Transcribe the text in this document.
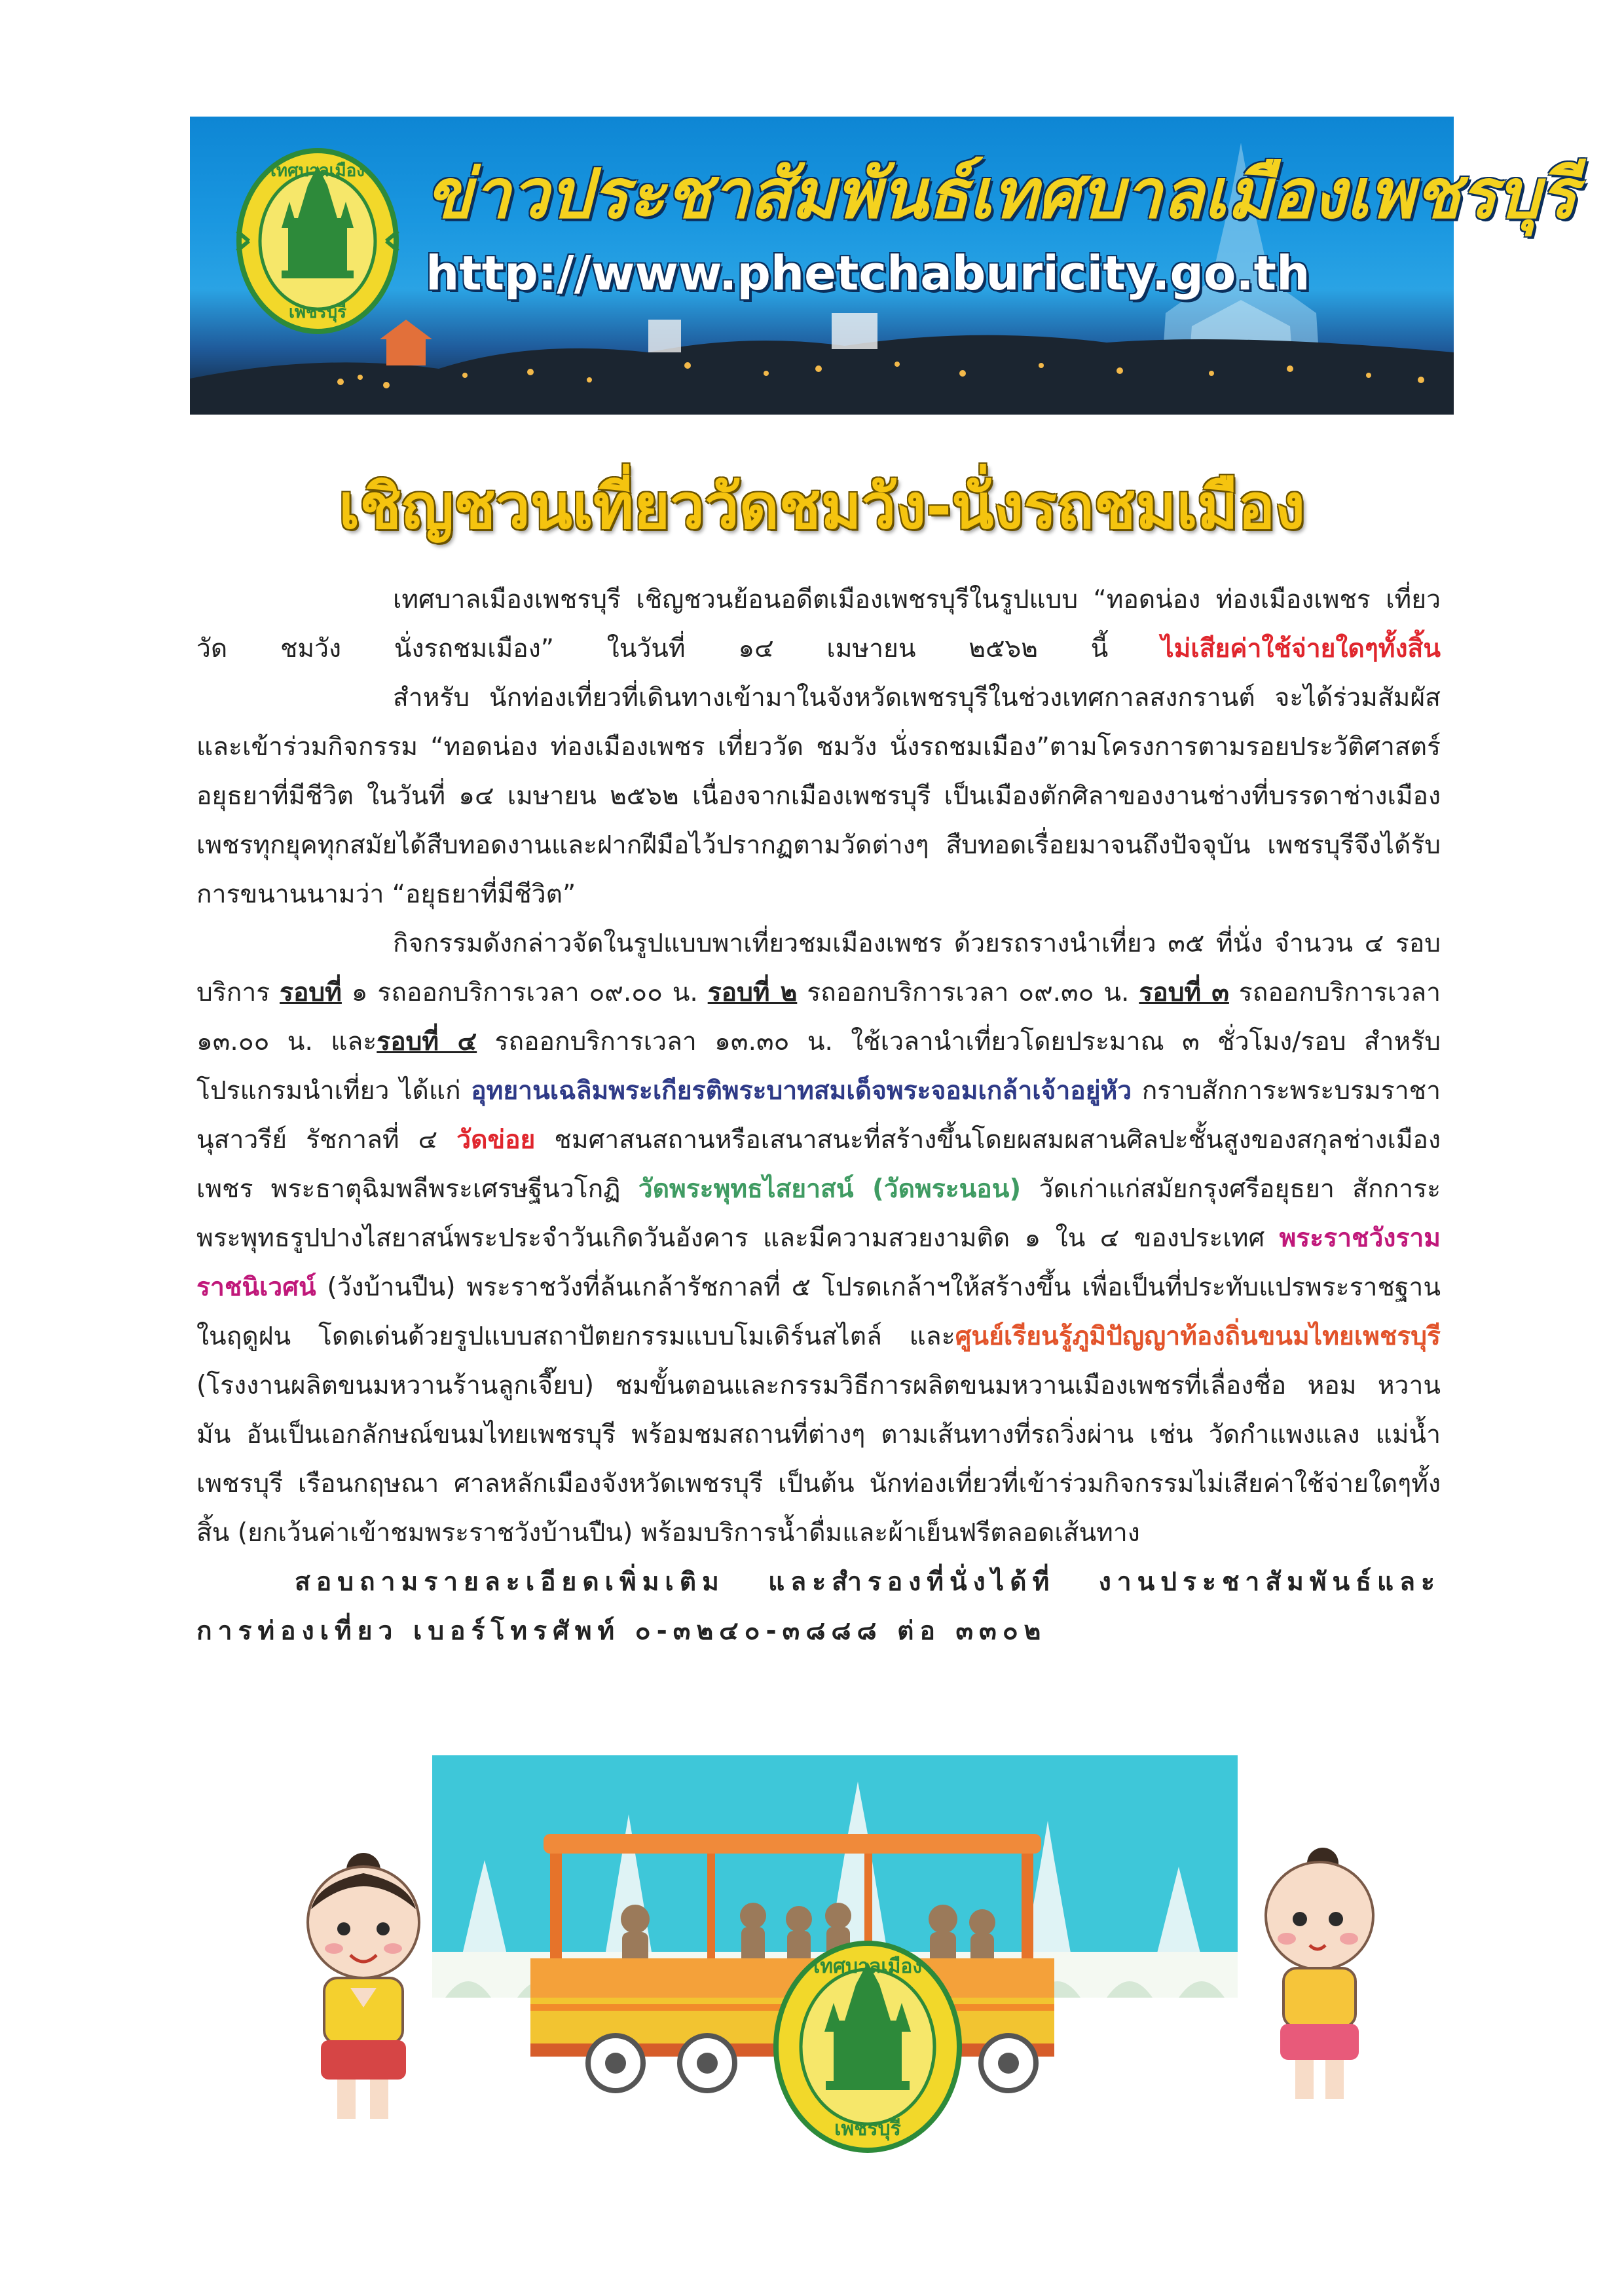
เทศบาลเมือง
เพชรบุรี
ข่าวประชาสัมพันธ์เทศบาลเมืองเพชรบุรี
http://www.phetchaburicity.go.th
เชิญชวนเที่ยววัดชมวัง-นั่งรถชมเมือง

เทศบาลเมืองเพชรบุรี เชิญชวนย้อนอดีตเมืองเพชรบุรีในรูปแบบ “ทอดน่อง ท่องเมืองเพชร เที่ยววัด ชมวัง นั่งรถชมเมือง” ในวันที่ ๑๔ เมษายน ๒๕๖๒ นี้ ไม่เสียค่าใช้จ่ายใดๆทั้งสิ้น

สำหรับ นักท่องเที่ยวที่เดินทางเข้ามาในจังหวัดเพชรบุรีในช่วงเทศกาลสงกรานต์ จะได้ร่วมสัมผัสและเข้าร่วมกิจกรรม “ทอดน่อง ท่องเมืองเพชร เที่ยววัด ชมวัง นั่งรถชมเมือง”ตามโครงการตามรอยประวัติศาสตร์อยุธยาที่มีชีวิต ในวันที่ ๑๔ เมษายน ๒๕๖๒ เนื่องจากเมืองเพชรบุรี เป็นเมืองตักศิลาของงานช่างที่บรรดาช่างเมืองเพชรทุกยุคทุกสมัยได้สืบทอดงานและฝากฝีมือไว้ปรากฏตามวัดต่างๆ สืบทอดเรื่อยมาจนถึงปัจจุบัน เพชรบุรีจึงได้รับการขนานนามว่า “อยุธยาที่มีชีวิต”

กิจกรรมดังกล่าวจัดในรูปแบบพาเที่ยวชมเมืองเพชร ด้วยรถรางนำเที่ยว ๓๕ ที่นั่ง จำนวน ๔ รอบบริการ รอบที่ ๑ รถออกบริการเวลา ๐๙.๐๐ น. รอบที่ ๒ รถออกบริการเวลา ๐๙.๓๐ น. รอบที่ ๓ รถออกบริการเวลา ๑๓.๐๐ น. และรอบที่ ๔ รถออกบริการเวลา ๑๓.๓๐ น. ใช้เวลานำเที่ยวโดยประมาณ ๓ ชั่วโมง/รอบ สำหรับโปรแกรมนำเที่ยว ได้แก่ อุทยานเฉลิมพระเกียรติพระบาทสมเด็จพระจอมเกล้าเจ้าอยู่หัว กราบสักการะพระบรมราชานุสาวรีย์ รัชกาลที่ ๔ วัดข่อย ชมศาสนสถานหรือเสนาสนะที่สร้างขึ้นโดยผสมผสานศิลปะชั้นสูงของสกุลช่างเมืองเพชร พระธาตุฉิมพลีพระเศรษฐีนวโกฏิ วัดพระพุทธไสยาสน์ (วัดพระนอน) วัดเก่าแก่สมัยกรุงศรีอยุธยา สักการะพระพุทธรูปปางไสยาสน์พระประจำวันเกิดวันอังคาร และมีความสวยงามติด ๑ ใน ๔ ของประเทศ พระราชวังรามราชนิเวศน์ (วังบ้านปืน) พระราชวังที่ล้นเกล้ารัชกาลที่ ๕ โปรดเกล้าฯให้สร้างขึ้น เพื่อเป็นที่ประทับแปรพระราชฐานในฤดูฝน โดดเด่นด้วยรูปแบบสถาปัตยกรรมแบบโมเดิร์นสไตล์ และศูนย์เรียนรู้ภูมิปัญญาท้องถิ่นขนมไทยเพชรบุรี (โรงงานผลิตขนมหวานร้านลูกเจี๊ยบ) ชมขั้นตอนและกรรมวิธีการผลิตขนมหวานเมืองเพชรที่เลื่องชื่อ หอม หวาน มัน อันเป็นเอกลักษณ์ขนมไทยเพชรบุรี พร้อมชมสถานที่ต่างๆ ตามเส้นทางที่รถวิ่งผ่าน เช่น วัดกำแพงแลง แม่น้ำเพชรบุรี เรือนกฤษณา ศาลหลักเมืองจังหวัดเพชรบุรี เป็นต้น นักท่องเที่ยวที่เข้าร่วมกิจกรรมไม่เสียค่าใช้จ่ายใดๆทั้งสิ้น (ยกเว้นค่าเข้าชมพระราชวังบ้านปืน) พร้อมบริการน้ำดื่มและผ้าเย็นฟรีตลอดเส้นทาง

สอบถามรายละเอียดเพิ่มเติม และสำรองที่นั่งได้ที่ งานประชาสัมพันธ์และการท่องเที่ยว เบอร์โทรศัพท์ ๐-๓๒๔๐-๓๘๘๘ ต่อ ๓๓๐๒

เทศบาลเมือง
เพชรบุรี
